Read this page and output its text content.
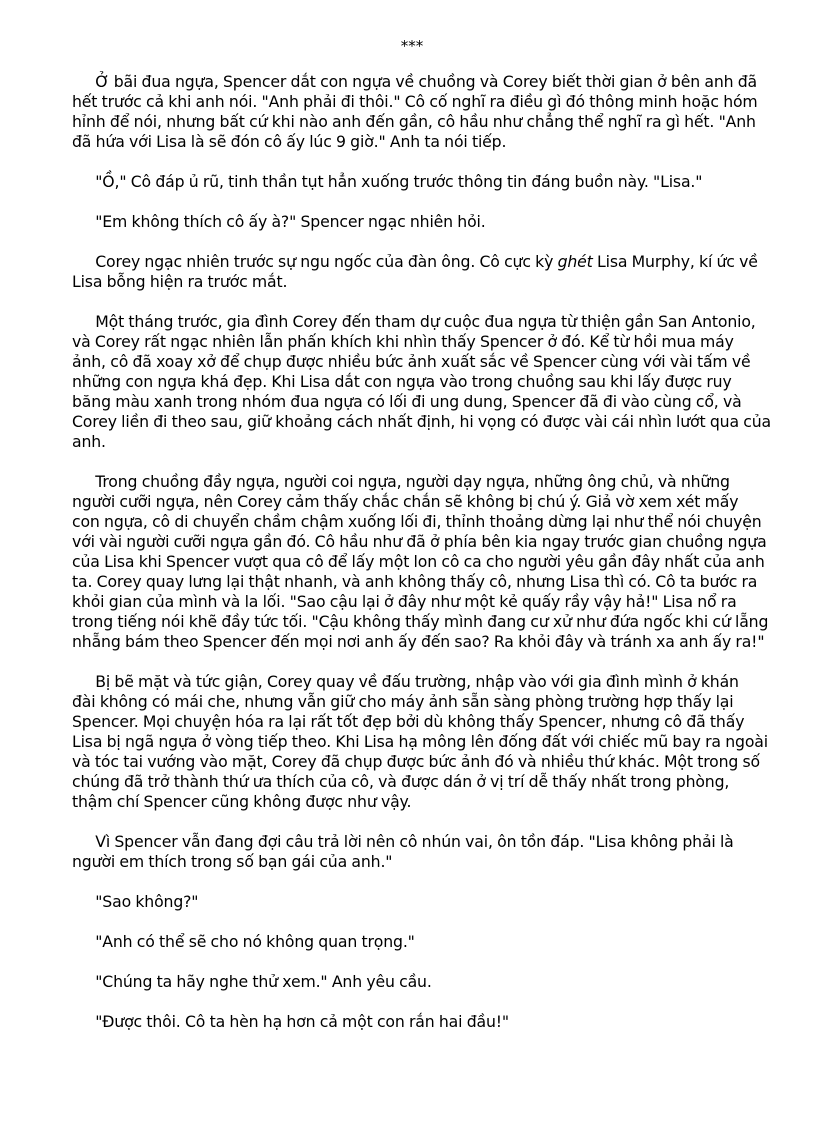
***
  Ở bãi đua ngựa, Spencer dắt con ngựa về chuồng và Corey biết thời gian ở bên anh đã
hết trước cả khi anh nói. "Anh phải đi thôi." Cô cố nghĩ ra điều gì đó thông minh hoặc hóm
hỉnh để nói, nhưng bất cứ khi nào anh đến gần, cô hầu như chẳng thể nghĩ ra gì hết. "Anh
đã hứa với Lisa là sẽ đón cô ấy lúc 9 giờ." Anh ta nói tiếp.
  "Ồ," Cô đáp ủ rũ, tinh thần tụt hẳn xuống trước thông tin đáng buồn này. "Lisa."
  "Em không thích cô ấy à?" Spencer ngạc nhiên hỏi.
  Corey ngạc nhiên trước sự ngu ngốc của đàn ông. Cô cực kỳ ghét Lisa Murphy, kí ức về
Lisa bỗng hiện ra trước mắt.
  Một tháng trước, gia đình Corey đến tham dự cuộc đua ngựa từ thiện gần San Antonio,
và Corey rất ngạc nhiên lẫn phấn khích khi nhìn thấy Spencer ở đó. Kể từ hồi mua máy
ảnh, cô đã xoay xở để chụp được nhiều bức ảnh xuất sắc về Spencer cùng với vài tấm về
những con ngựa khá đẹp. Khi Lisa dắt con ngựa vào trong chuồng sau khi lấy được ruy
băng màu xanh trong nhóm đua ngựa có lối đi ung dung, Spencer đã đi vào cùng cổ, và
Corey liền đi theo sau, giữ khoảng cách nhất định, hi vọng có được vài cái nhìn lướt qua của
anh.
  Trong chuồng đầy ngựa, người coi ngựa, người dạy ngựa, những ông chủ, và những
người cưỡi ngựa, nên Corey cảm thấy chắc chắn sẽ không bị chú ý. Giả vờ xem xét mấy
con ngựa, cô di chuyển chầm chậm xuống lối đi, thỉnh thoảng dừng lại như thể nói chuyện
với vài người cưỡi ngựa gần đó. Cô hầu như đã ở phía bên kia ngay trước gian chuồng ngựa
của Lisa khi Spencer vượt qua cô để lấy một lon cô ca cho người yêu gần đây nhất của anh
ta. Corey quay lưng lại thật nhanh, và anh không thấy cô, nhưng Lisa thì có. Cô ta bước ra
khỏi gian của mình và la lối. "Sao cậu lại ở đây như một kẻ quấy rầy vậy hả!" Lisa nổ ra
trong tiếng nói khẽ đầy tức tối. "Cậu không thấy mình đang cư xử như đứa ngốc khi cứ lẵng
nhẵng bám theo Spencer đến mọi nơi anh ấy đến sao? Ra khỏi đây và tránh xa anh ấy ra!"
  Bị bẽ mặt và tức giận, Corey quay về đấu trường, nhập vào với gia đình mình ở khán
đài không có mái che, nhưng vẫn giữ cho máy ảnh sẵn sàng phòng trường hợp thấy lại
Spencer. Mọi chuyện hóa ra lại rất tốt đẹp bởi dù không thấy Spencer, nhưng cô đã thấy
Lisa bị ngã ngựa ở vòng tiếp theo. Khi Lisa hạ mông lên đống đất với chiếc mũ bay ra ngoài
và tóc tai vướng vào mặt, Corey đã chụp được bức ảnh đó và nhiều thứ khác. Một trong số
chúng đã trở thành thứ ưa thích của cô, và được dán ở vị trí dễ thấy nhất trong phòng,
thậm chí Spencer cũng không được như vậy.
  Vì Spencer vẫn đang đợi câu trả lời nên cô nhún vai, ôn tồn đáp. "Lisa không phải là
người em thích trong số bạn gái của anh."
  "Sao không?"
  "Anh có thể sẽ cho nó không quan trọng."
  "Chúng ta hãy nghe thử xem." Anh yêu cầu.
  "Được thôi. Cô ta hèn hạ hơn cả một con rắn hai đầu!"
